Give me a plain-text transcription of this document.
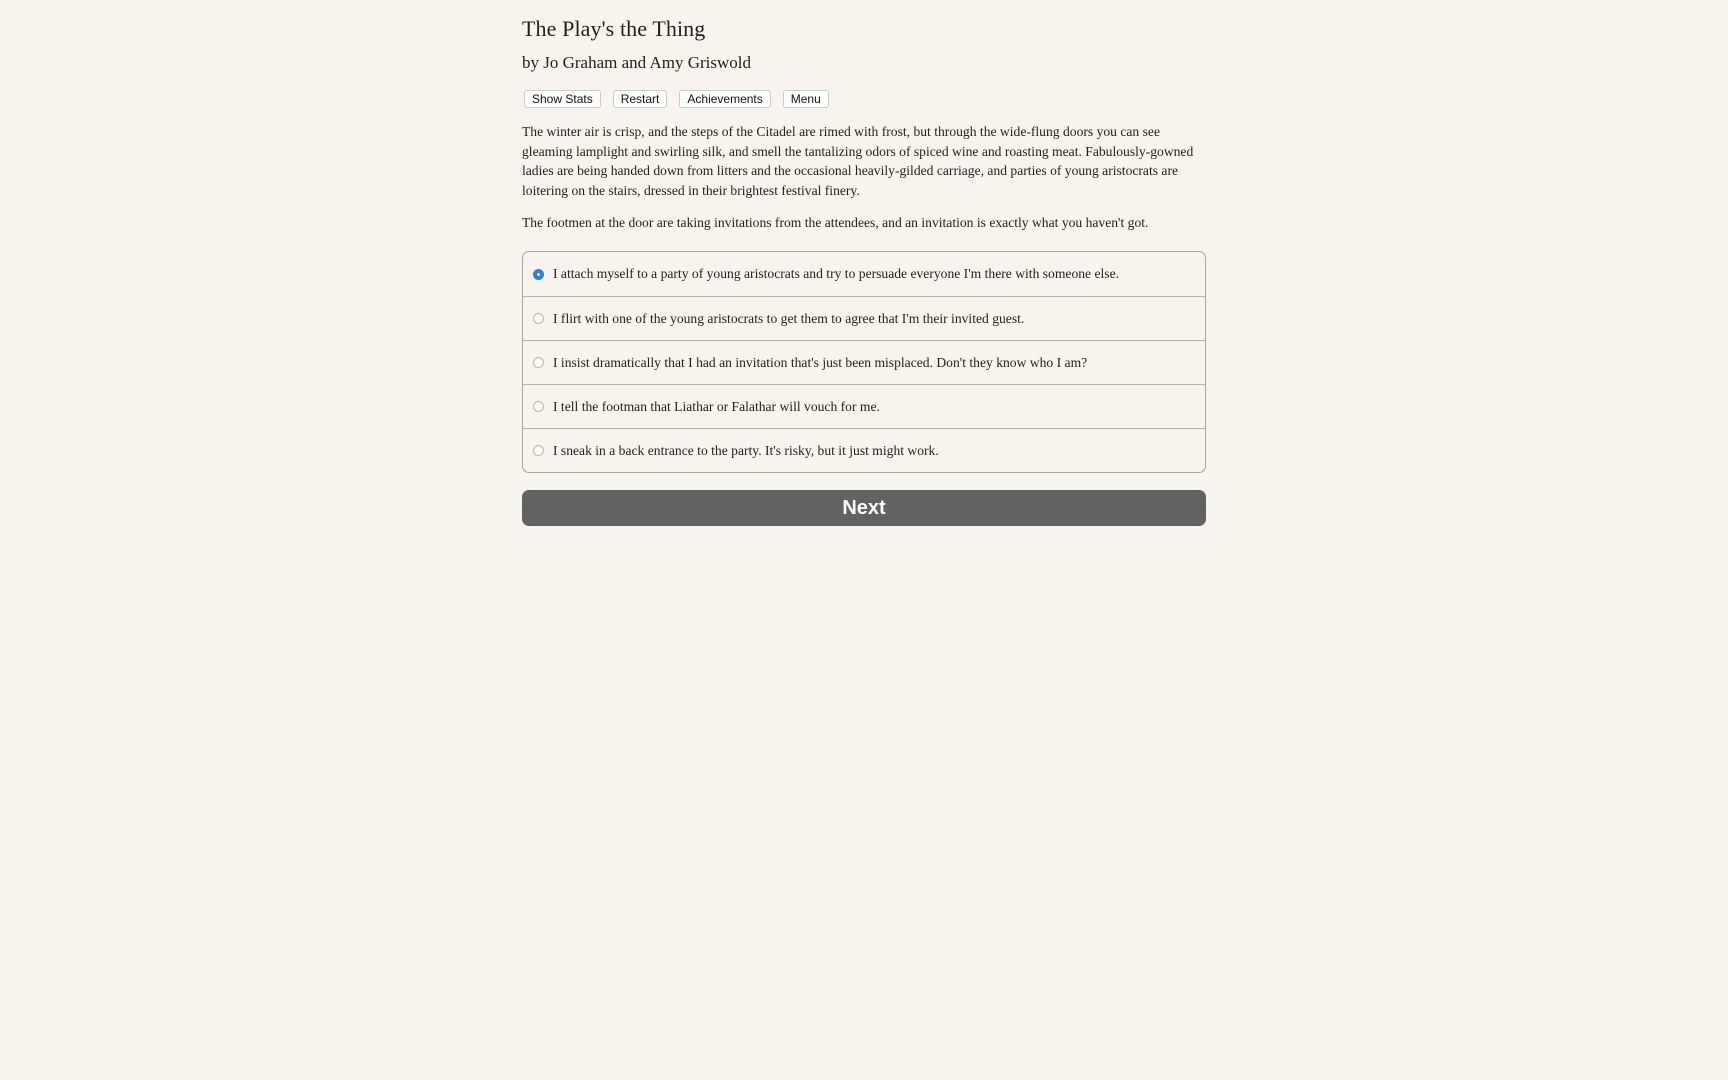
The Play's the Thing
by Jo Graham and Amy Griswold
Show Stats	Restart	Achievements	Menu

The winter air is crisp, and the steps of the Citadel are rimed with frost, but through the wide-flung doors you can see gleaming lamplight and swirling silk, and smell the tantalizing odors of spiced wine and roasting meat. Fabulously-gowned ladies are being handed down from litters and the occasional heavily-gilded carriage, and parties of young aristocrats are loitering on the stairs, dressed in their brightest festival finery.

The footmen at the door are taking invitations from the attendees, and an invitation is exactly what you haven't got.

I attach myself to a party of young aristocrats and try to persuade everyone I'm there with someone else.
I flirt with one of the young aristocrats to get them to agree that I'm their invited guest.
I insist dramatically that I had an invitation that's just been misplaced. Don't they know who I am?
I tell the footman that Liathar or Falathar will vouch for me.
I sneak in a back entrance to the party. It's risky, but it just might work.
Next
